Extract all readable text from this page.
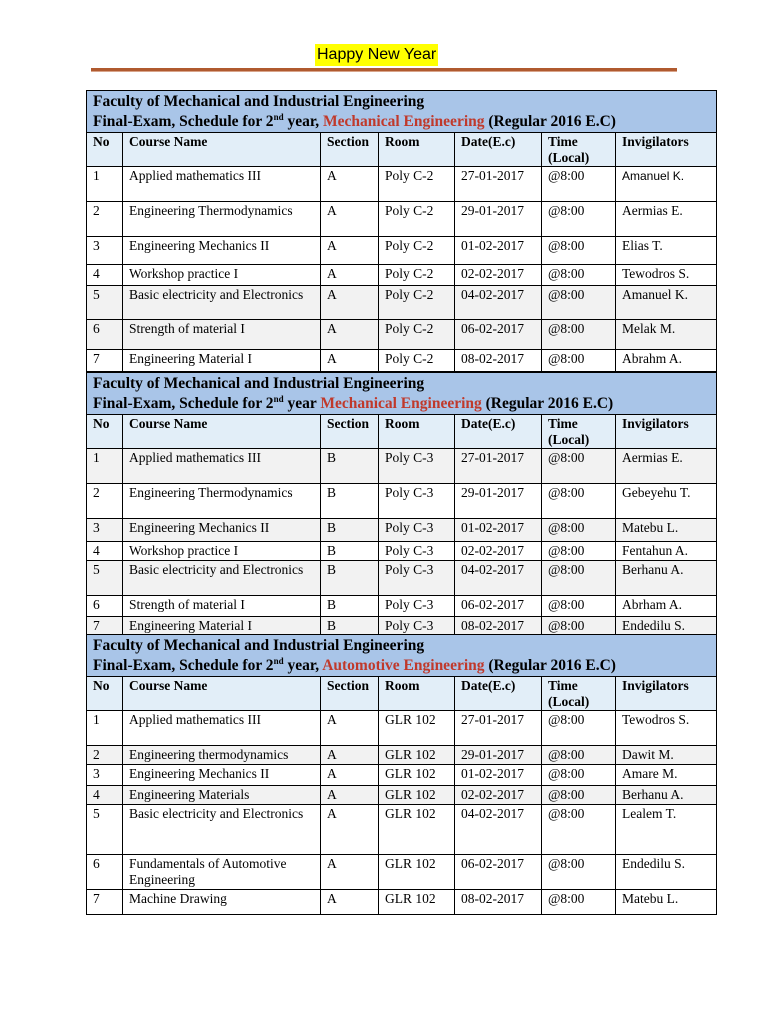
Happy New Year
Faculty of Mechanical and Industrial Engineering
Final-Exam, Schedule for 2nd year, Mechanical Engineering (Regular 2016 E.C)						

No	Course Name	Section	Room	Date(E.c)	Time (Local)	Invigilators
1	Applied mathematics III	A	Poly C-2	27-01-2017	@8:00	Amanuel K.
2	Engineering Thermodynamics	A	Poly C-2	29-01-2017	@8:00	Aermias E.
3	Engineering Mechanics II	A	Poly C-2	01-02-2017	@8:00	Elias T.
4	Workshop practice I	A	Poly C-2	02-02-2017	@8:00	Tewodros S.
5	Basic electricity and Electronics	A	Poly C-2	04-02-2017	@8:00	Amanuel K.
6	Strength of material I	A	Poly C-2	06-02-2017	@8:00	Melak M.
7	Engineering Material I	A	Poly C-2	08-02-2017	@8:00	Abrahm A.
Faculty of Mechanical and Industrial Engineering
Final-Exam, Schedule for 2nd year Mechanical Engineering (Regular 2016 E.C)						

No	Course Name	Section	Room	Date(E.c)	Time (Local)	Invigilators
1	Applied mathematics III	B	Poly C-3	27-01-2017	@8:00	Aermias E.
2	Engineering Thermodynamics	B	Poly C-3	29-01-2017	@8:00	Gebeyehu T.
3	Engineering Mechanics II	B	Poly C-3	01-02-2017	@8:00	Matebu L.
4	Workshop practice I	B	Poly C-3	02-02-2017	@8:00	Fentahun A.
5	Basic electricity and Electronics	B	Poly C-3	04-02-2017	@8:00	Berhanu A.
6	Strength of material I	B	Poly C-3	06-02-2017	@8:00	Abrham A.
7	Engineering Material I	B	Poly C-3	08-02-2017	@8:00	Endedilu S.
Faculty of Mechanical and Industrial Engineering
Final-Exam, Schedule for 2nd year, Automotive Engineering (Regular 2016 E.C)						

No	Course Name	Section	Room	Date(E.c)	Time (Local)	Invigilators
1	Applied mathematics III	A	GLR 102	27-01-2017	@8:00	Tewodros S.
2	Engineering thermodynamics	A	GLR 102	29-01-2017	@8:00	Dawit M.
3	Engineering Mechanics II	A	GLR 102	01-02-2017	@8:00	Amare M.
4	Engineering Materials	A	GLR 102	02-02-2017	@8:00	Berhanu A.
5	Basic electricity and Electronics	A	GLR 102	04-02-2017	@8:00	Lealem T.
6	Fundamentals of Automotive Engineering	A	GLR 102	06-02-2017	@8:00	Endedilu S.
7	Machine Drawing	A	GLR 102	08-02-2017	@8:00	Matebu L.
